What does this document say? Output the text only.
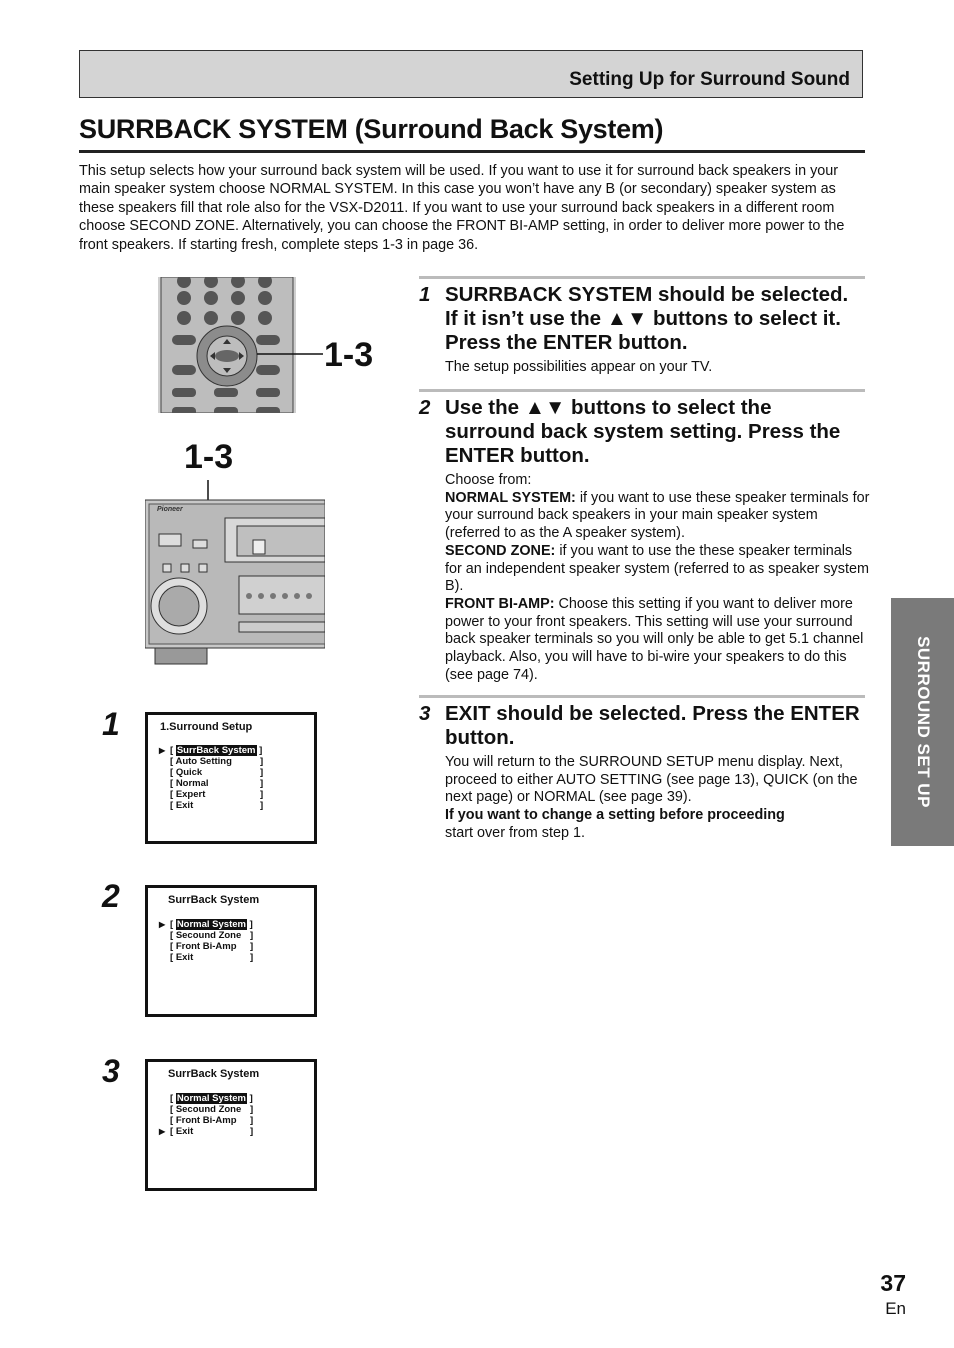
Setting Up for Surround Sound
SURRBACK SYSTEM (Surround Back System)
This setup selects how your surround back system will be used. If you want to use it for surround back speakers in your main speaker system choose NORMAL SYSTEM. In this case you won’t have any B (or secondary) speaker system as these speakers fill that role also for the VSX-D2011. If you want to use your surround back speakers in a different room choose SECOND ZONE. Alternatively, you can choose the FRONT BI-AMP setting, in order to deliver more power to the front speakers. If starting fresh, complete steps 1-3 in page 36.
1-3
1-3
Pioneer
1	1.Surround Setup
▶ [ SurrBack System ]
[ Auto Setting
[ Quick
[ Normal
[ Expert
[ Exit
]
]
]
]
]
2	SurrBack System
▶ [ Normal System ]
[ Secound Zone
[ Front Bi-Amp
[ Exit
]
]
]
3	SurrBack System
[ Normal System ]
[ Secound Zone
[ Front Bi-Amp
▶ [ Exit
]
]
]
1 SURRBACK SYSTEM should be selected. If it isn’t use the ▲▼ buttons to select it. Press the ENTER button.
The setup possibilities appear on your TV.
2 Use the ▲▼ buttons to select the surround back system setting. Press the ENTER button.
Choose from:
NORMAL SYSTEM: if you want to use these speaker terminals for your surround back speakers in your main speaker system (referred to as the A speaker system).
SECOND ZONE: if you want to use the these speaker terminals for an independent speaker system (referred to as speaker system B).
FRONT BI-AMP: Choose this setting if you want to deliver more power to your front speakers. This setting will use your surround back speaker terminals so you will only be able to get 5.1 channel playback. Also, you will have to bi-wire your speakers to do this (see page 74).
3 EXIT should be selected. Press the ENTER button.
You will return to the SURROUND SETUP menu display. Next, proceed to either AUTO SETTING (see page 13), QUICK (on the next page) or NORMAL (see page 39).
If you want to change a setting before proceeding
start over from step 1.
SURROUND SET UP
37
En
